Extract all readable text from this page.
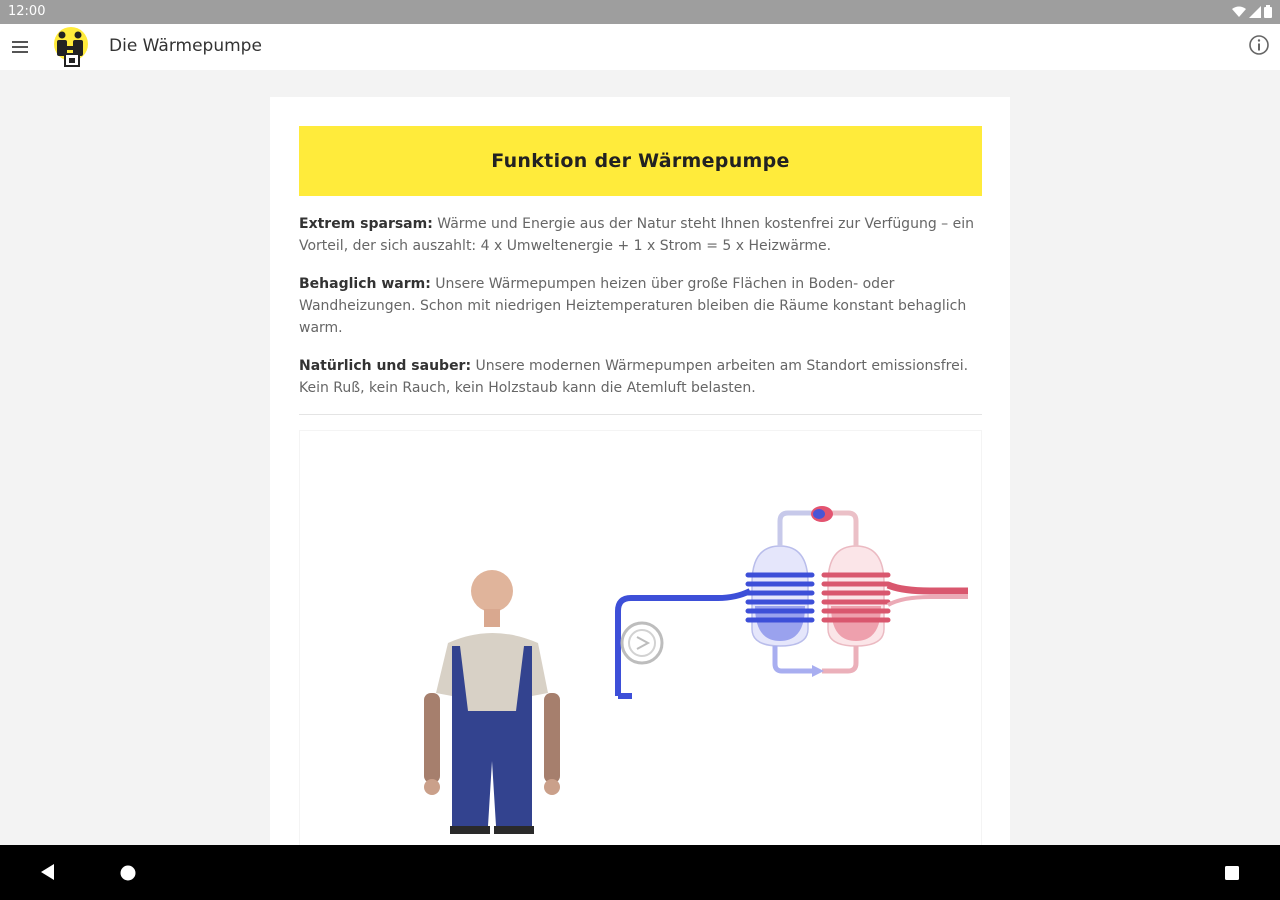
12:00
Die Wärmepumpe
Funktion der Wärmepumpe

Extrem sparsam: Wärme und Energie aus der Natur steht Ihnen kostenfrei zur Verfügung – ein Vorteil, der sich auszahlt: 4 x Umweltenergie + 1 x Strom = 5 x Heizwärme.

Behaglich warm: Unsere Wärmepumpen heizen über große Flächen in Boden- oder Wandheizungen. Schon mit niedrigen Heiztemperaturen bleiben die Räume konstant behaglich warm.

Natürlich und sauber: Unsere modernen Wärmepumpen arbeiten am Standort emissionsfrei. Kein Ruß, kein Rauch, kein Holzstaub kann die Atemluft belasten.
